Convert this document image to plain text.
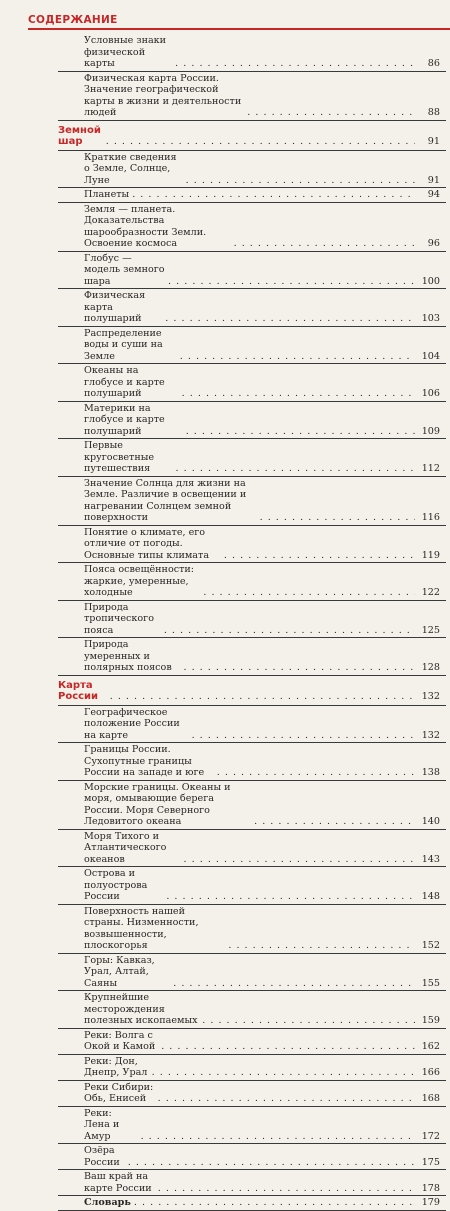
СОДЕРЖАНИЕ
Условные знаки физической карты . . .	86
Физическая карта России. Значение географической карты в жизни и деятельности людей . . .	88
Земной шар . . .	91
Краткие сведения о Земле, Солнце, Луне . . .	91
Планеты . . .	94
Земля — планета. Доказательства шарообразности Земли. Освоение космоса . . .	96
Глобус — модель земного шара . . .	100
Физическая карта полушарий . . .	103
Распределение воды и суши на Земле . . .	104
Океаны на глобусе и карте полушарий . . .	106
Материки на глобусе и карте полушарий . . .	109
Первые кругосветные путешествия . . .	112
Значение Солнца для жизни на Земле. Различие в освещении и нагревании Солнцем земной поверхности . . .	116
Понятие о климате, его отличие от погоды. Основные типы климата . . .	119
Пояса освещённости: жаркие, умеренные, холодные . . .	122
Природа тропического пояса . . .	125
Природа умеренных и полярных поясов . . .	128
Карта России . . .	132
Географическое положение России на карте . . .	132
Границы России. Сухопутные границы России на западе и юге . . .	138
Морские границы. Океаны и моря, омывающие берега России. Моря Северного Ледовитого океана . . .	140
Моря Тихого и Атлантического океанов . . .	143
Острова и полуострова России . . .	148
Поверхность нашей страны. Низменности, возвышенности, плоскогорья . . .	152
Горы: Кавказ, Урал, Алтай, Саяны . . .	155
Крупнейшие месторождения полезных ископаемых . . .	159
Реки: Волга с Окой и Камой . . .	162
Реки: Дон, Днепр, Урал . . .	166
Реки Сибири: Обь, Енисей . . .	168
Реки: Лена и Амур . . .	172
Озёра России . . .	175
Ваш край на карте России . . .	178
Словарь . . .	179
